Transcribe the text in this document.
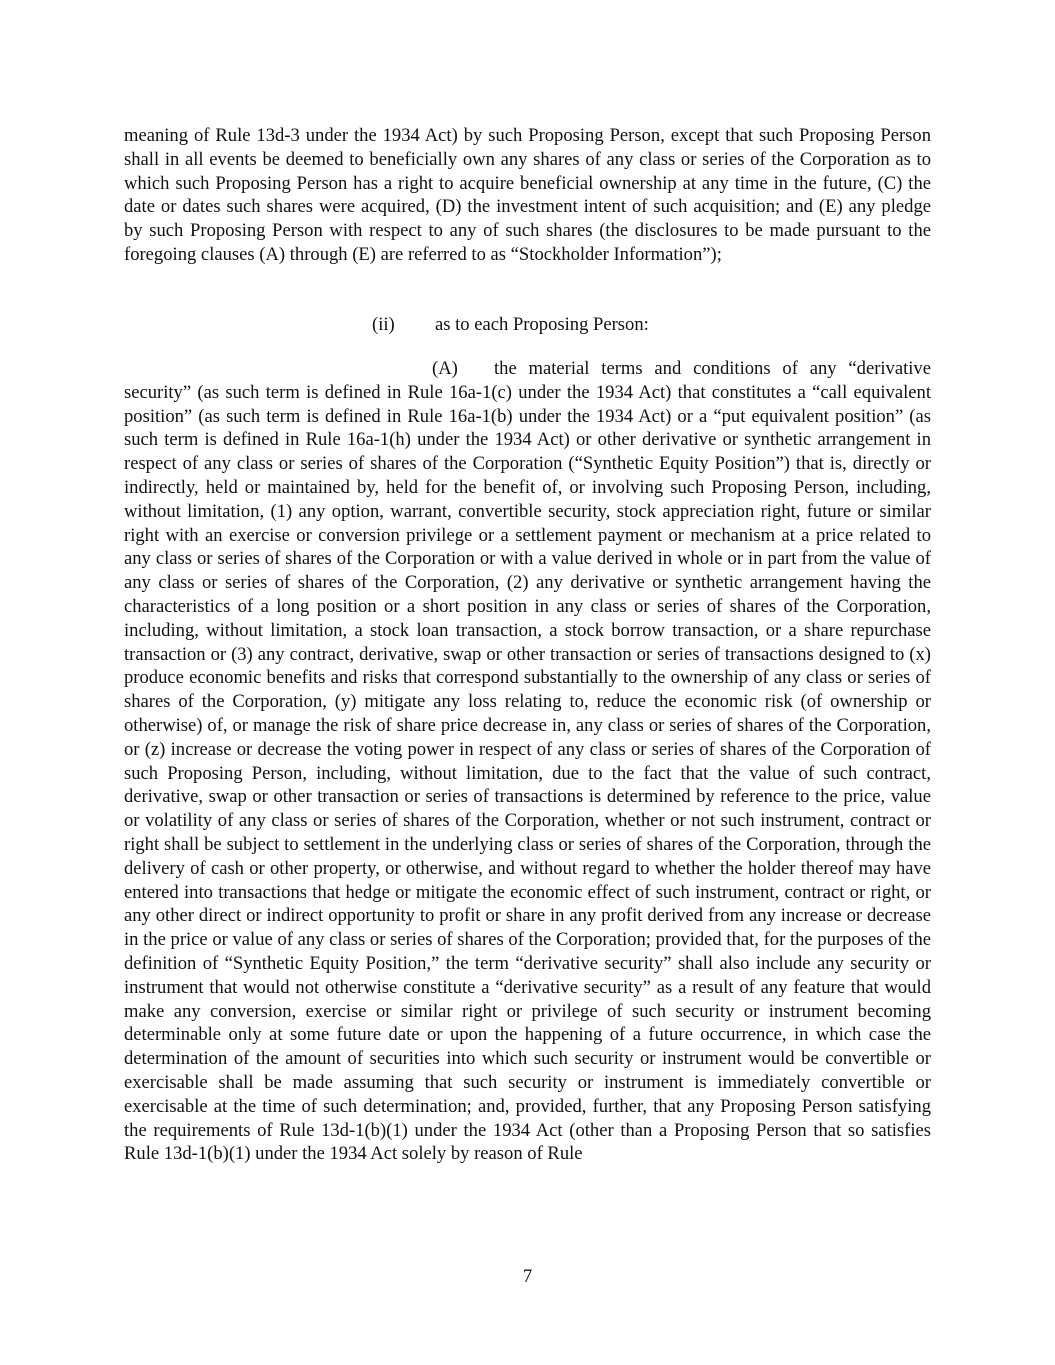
meaning of Rule 13d-3 under the 1934 Act) by such Proposing Person, except that such Proposing Person shall in all events be deemed to beneficially own any shares of any class or series of the Corporation as to which such Proposing Person has a right to acquire beneficial ownership at any time in the future, (C) the date or dates such shares were acquired, (D) the investment intent of such acquisition; and (E) any pledge by such Proposing Person with respect to any of such shares (the disclosures to be made pursuant to the foregoing clauses (A) through (E) are referred to as “Stockholder Information”);

(ii) as to each Proposing Person:

(A) the material terms and conditions of any “derivative security” (as such term is defined in Rule 16a-1(c) under the 1934 Act) that constitutes a “call equivalent position” (as such term is defined in Rule 16a-1(b) under the 1934 Act) or a “put equivalent position” (as such term is defined in Rule 16a-1(h) under the 1934 Act) or other derivative or synthetic arrangement in respect of any class or series of shares of the Corporation (“Synthetic Equity Position”) that is, directly or indirectly, held or maintained by, held for the benefit of, or involving such Proposing Person, including, without limitation, (1) any option, warrant, convertible security, stock appreciation right, future or similar right with an exercise or conversion privilege or a settlement payment or mechanism at a price related to any class or series of shares of the Corporation or with a value derived in whole or in part from the value of any class or series of shares of the Corporation, (2) any derivative or synthetic arrangement having the characteristics of a long position or a short position in any class or series of shares of the Corporation, including, without limitation, a stock loan transaction, a stock borrow transaction, or a share repurchase transaction or (3) any contract, derivative, swap or other transaction or series of transactions designed to (x) produce economic benefits and risks that correspond substantially to the ownership of any class or series of shares of the Corporation, (y) mitigate any loss relating to, reduce the economic risk (of ownership or otherwise) of, or manage the risk of share price decrease in, any class or series of shares of the Corporation, or (z) increase or decrease the voting power in respect of any class or series of shares of the Corporation of such Proposing Person, including, without limitation, due to the fact that the value of such contract, derivative, swap or other transaction or series of transactions is determined by reference to the price, value or volatility of any class or series of shares of the Corporation, whether or not such instrument, contract or right shall be subject to settlement in the underlying class or series of shares of the Corporation, through the delivery of cash or other property, or otherwise, and without regard to whether the holder thereof may have entered into transactions that hedge or mitigate the economic effect of such instrument, contract or right, or any other direct or indirect opportunity to profit or share in any profit derived from any increase or decrease in the price or value of any class or series of shares of the Corporation; provided that, for the purposes of the definition of “Synthetic Equity Position,” the term “derivative security” shall also include any security or instrument that would not otherwise constitute a “derivative security” as a result of any feature that would make any conversion, exercise or similar right or privilege of such security or instrument becoming determinable only at some future date or upon the happening of a future occurrence, in which case the determination of the amount of securities into which such security or instrument would be convertible or exercisable shall be made assuming that such security or instrument is immediately convertible or exercisable at the time of such determination; and, provided, further, that any Proposing Person satisfying the requirements of Rule 13d-1(b)(1) under the 1934 Act (other than a Proposing Person that so satisfies Rule 13d-1(b)(1) under the 1934 Act solely by reason of Rule

7
